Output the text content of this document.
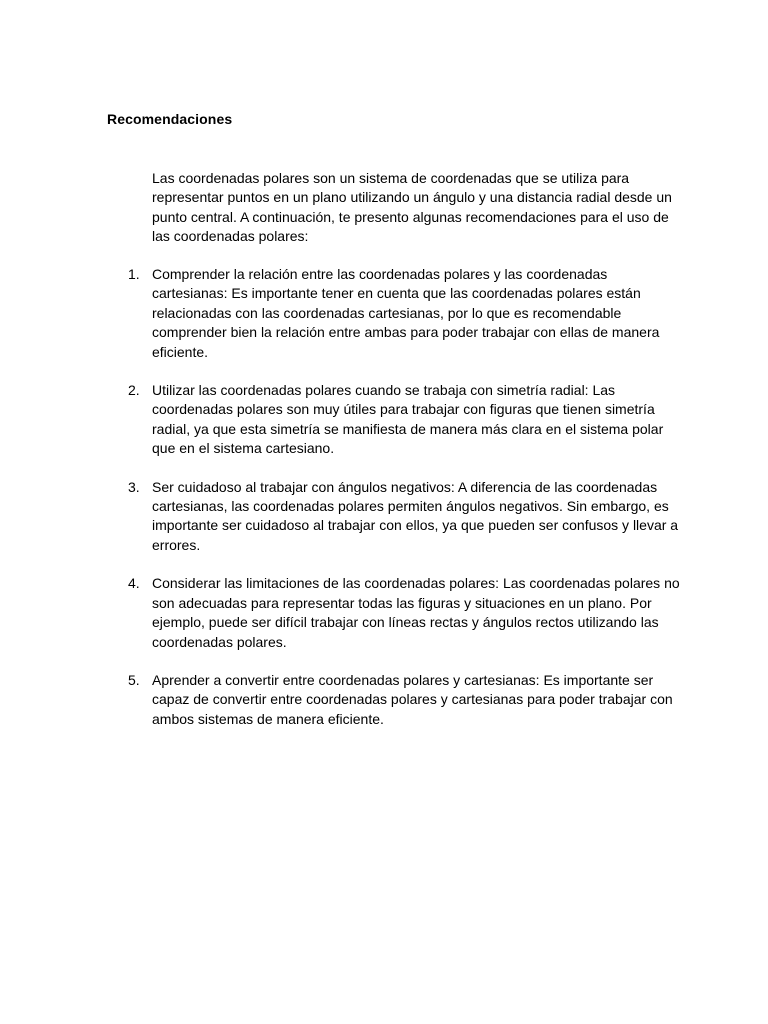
Recomendaciones
Las coordenadas polares son un sistema de coordenadas que se utiliza para representar puntos en un plano utilizando un ángulo y una distancia radial desde un punto central. A continuación, te presento algunas recomendaciones para el uso de las coordenadas polares:
1. Comprender la relación entre las coordenadas polares y las coordenadas cartesianas: Es importante tener en cuenta que las coordenadas polares están relacionadas con las coordenadas cartesianas, por lo que es recomendable comprender bien la relación entre ambas para poder trabajar con ellas de manera eficiente.
2. Utilizar las coordenadas polares cuando se trabaja con simetría radial: Las coordenadas polares son muy útiles para trabajar con figuras que tienen simetría radial, ya que esta simetría se manifiesta de manera más clara en el sistema polar que en el sistema cartesiano.
3. Ser cuidadoso al trabajar con ángulos negativos: A diferencia de las coordenadas cartesianas, las coordenadas polares permiten ángulos negativos. Sin embargo, es importante ser cuidadoso al trabajar con ellos, ya que pueden ser confusos y llevar a errores.
4. Considerar las limitaciones de las coordenadas polares: Las coordenadas polares no son adecuadas para representar todas las figuras y situaciones en un plano. Por ejemplo, puede ser difícil trabajar con líneas rectas y ángulos rectos utilizando las coordenadas polares.
5. Aprender a convertir entre coordenadas polares y cartesianas: Es importante ser capaz de convertir entre coordenadas polares y cartesianas para poder trabajar con ambos sistemas de manera eficiente.
